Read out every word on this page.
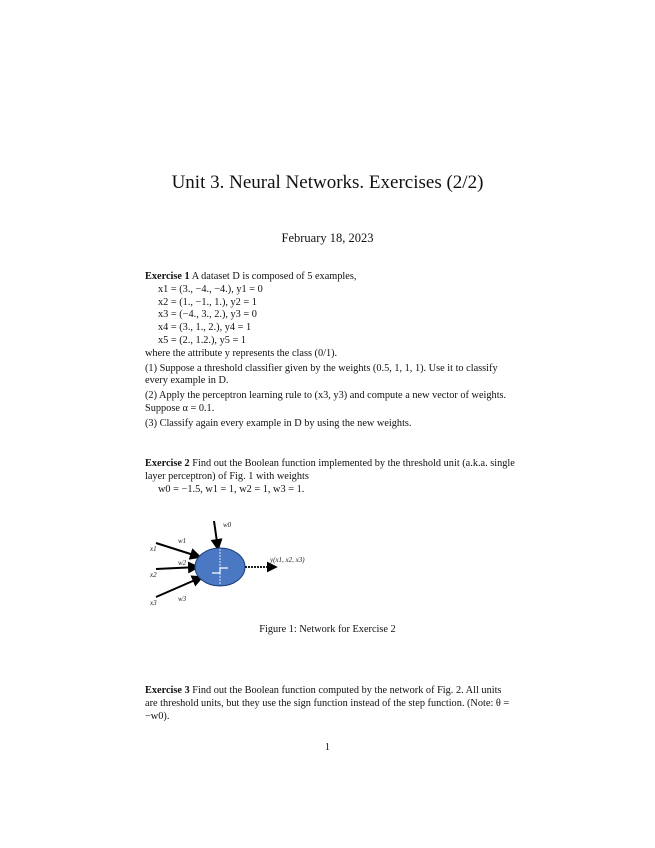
Unit 3. Neural Networks. Exercises (2/2)
February 18, 2023
Exercise 1 A dataset D is composed of 5 examples,
x1 = (3., −4., −4.), y1 = 0
x2 = (1., −1., 1.), y2 = 1
x3 = (−4., 3., 2.), y3 = 0
x4 = (3., 1., 2.), y4 = 1
x5 = (2., 1.2.), y5 = 1
where the attribute y represents the class (0/1).
(1) Suppose a threshold classifier given by the weights (0.5, 1, 1, 1). Use it to classify every example in D.
(2) Apply the perceptron learning rule to (x3, y3) and compute a new vector of weights. Suppose α = 0.1.
(3) Classify again every example in D by using the new weights.
Exercise 2 Find out the Boolean function implemented by the threshold unit (a.k.a. single layer perceptron) of Fig. 1 with weights
w0 = −1.5, w1 = 1, w2 = 1, w3 = 1.
w0
y(x1, x2, x3)
x1
x2
x3
w1
w2
w3
Figure 1: Network for Exercise 2
Exercise 3 Find out the Boolean function computed by the network of Fig. 2. All units are threshold units, but they use the sign function instead of the step function. (Note: θ = −w0).
1
